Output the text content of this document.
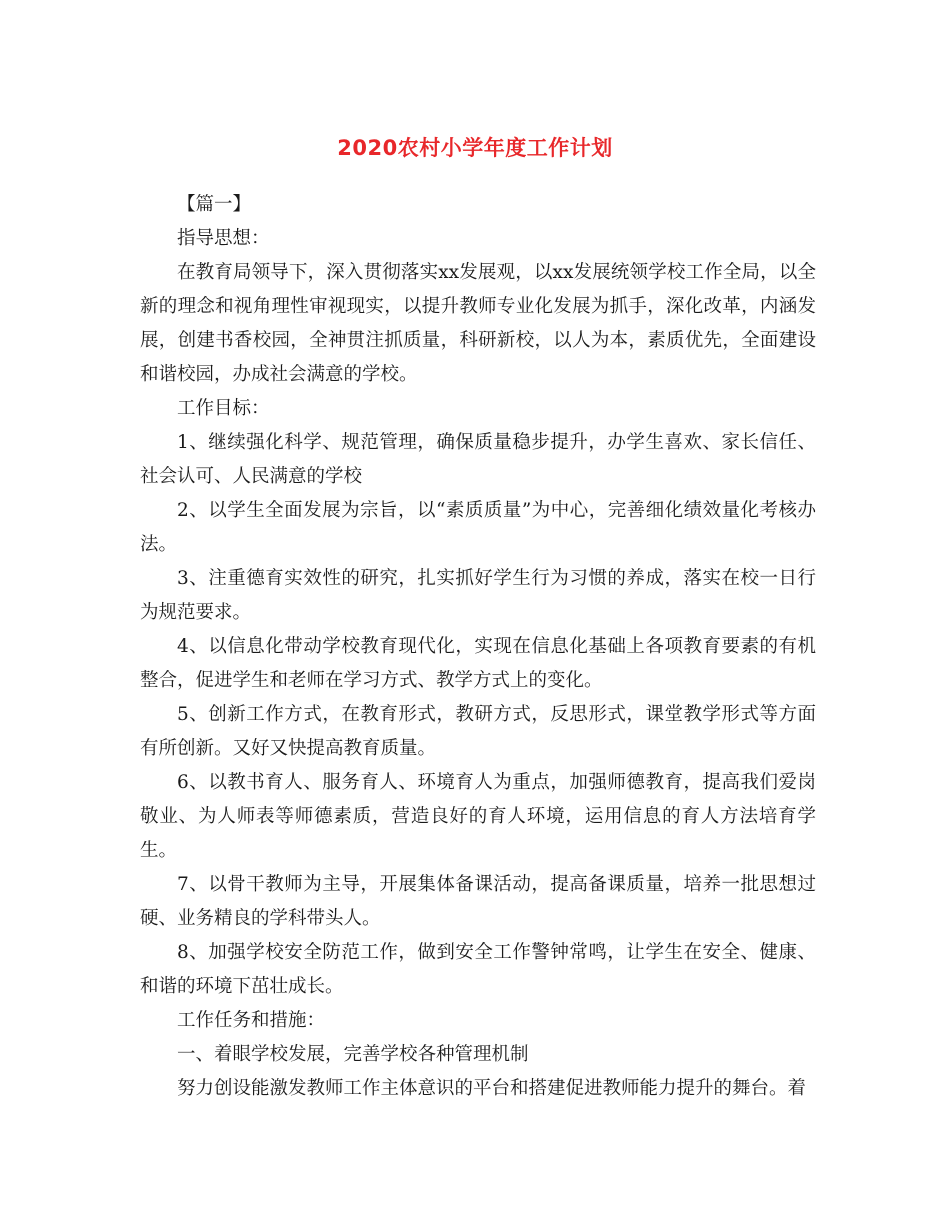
2020农村小学年度工作计划

【篇一】

指导思想：

在教育局领导下，深入贯彻落实xx发展观，以xx发展统领学校工作全局，以全新的理念和视角理性审视现实，以提升教师专业化发展为抓手，深化改革，内涵发展，创建书香校园，全神贯注抓质量，科研新校，以人为本，素质优先，全面建设和谐校园，办成社会满意的学校。

工作目标：

1、继续强化科学、规范管理，确保质量稳步提升，办学生喜欢、家长信任、社会认可、人民满意的学校

2、以学生全面发展为宗旨，以“素质质量”为中心，完善细化绩效量化考核办法。

3、注重德育实效性的研究，扎实抓好学生行为习惯的养成，落实在校一日行为规范要求。

4、以信息化带动学校教育现代化，实现在信息化基础上各项教育要素的有机整合，促进学生和老师在学习方式、教学方式上的变化。

5、创新工作方式，在教育形式，教研方式，反思形式，课堂教学形式等方面有所创新。又好又快提高教育质量。

6、以教书育人、服务育人、环境育人为重点，加强师德教育，提高我们爱岗敬业、为人师表等师德素质，营造良好的育人环境，运用信息的育人方法培育学生。

7、以骨干教师为主导，开展集体备课活动，提高备课质量，培养一批思想过硬、业务精良的学科带头人。

8、加强学校安全防范工作，做到安全工作警钟常鸣，让学生在安全、健康、和谐的环境下茁壮成长。

工作任务和措施：

一、着眼学校发展，完善学校各种管理机制

努力创设能激发教师工作主体意识的平台和搭建促进教师能力提升的舞台。着
